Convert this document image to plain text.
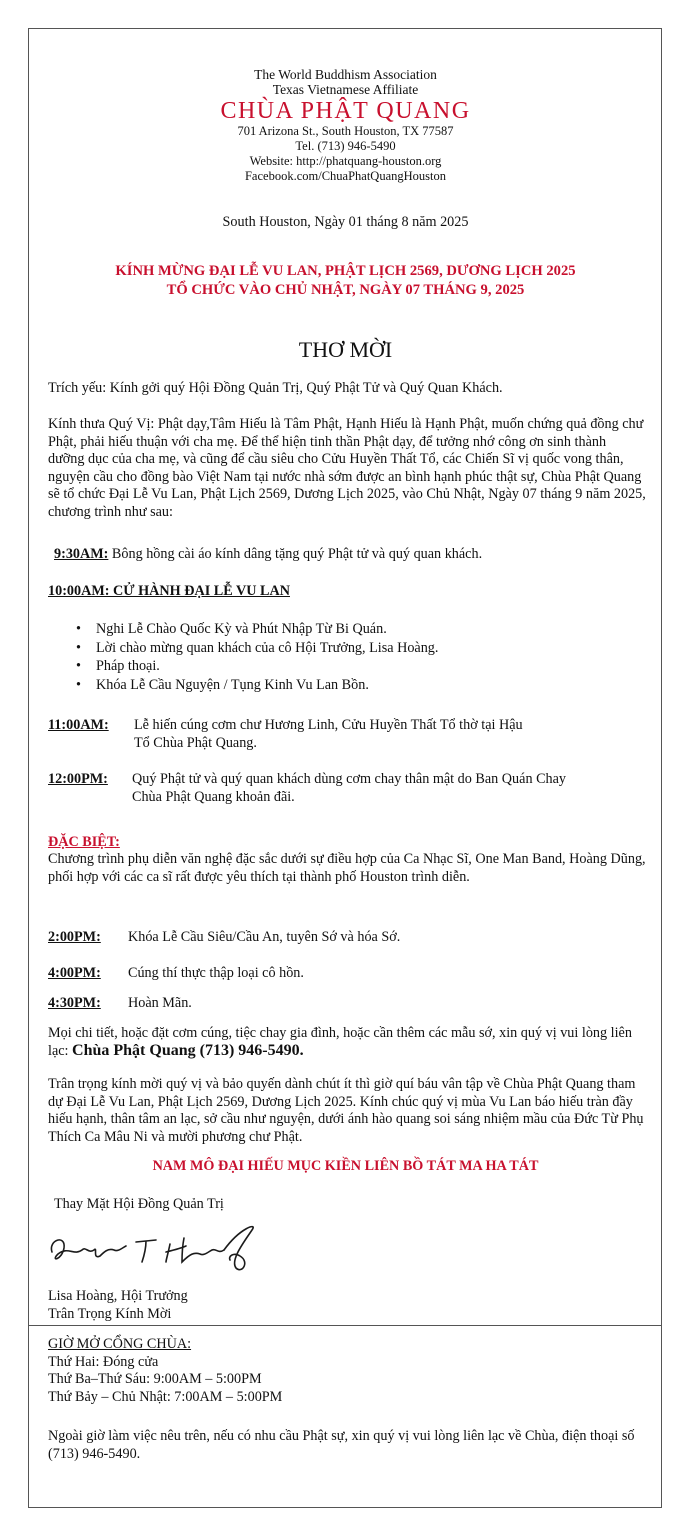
The World Buddhism Association
Texas Vietnamese Affiliate
CHÙA PHẬT QUANG
701 Arizona St., South Houston, TX 77587
Tel. (713) 946-5490
Website: http://phatquang-houston.org
Facebook.com/ChuaPhatQuangHouston
South Houston, Ngày 01 tháng 8 năm 2025
KÍNH MỪNG ĐẠI LỄ VU LAN, PHẬT LỊCH 2569, DƯƠNG LỊCH 2025
TỔ CHỨC VÀO CHỦ NHẬT, NGÀY 07 THÁNG 9, 2025
THƠ MỜI
Trích yếu: Kính gởi quý Hội Đồng Quản Trị, Quý Phật Tử và Quý Quan Khách.
Kính thưa Quý Vị: Phật dạy,Tâm Hiếu là Tâm Phật, Hạnh Hiếu là Hạnh Phật, muốn chứng quả đồng chư Phật, phải hiếu thuận với cha mẹ. Để thể hiện tinh thần Phật dạy, để tưởng nhớ công ơn sinh thành dưỡng dục của cha mẹ, và cũng để cầu siêu cho Cửu Huyền Thất Tổ, các Chiến Sĩ vị quốc vong thân, nguyện cầu cho đồng bào Việt Nam tại nước nhà sớm được an bình hạnh phúc thật sự, Chùa Phật Quang sẽ tổ chức Đại Lễ Vu Lan, Phật Lịch 2569, Dương Lịch 2025, vào Chủ Nhật, Ngày 07 tháng 9 năm 2025, chương trình như sau:
9:30AM: Bông hồng cài áo kính dâng tặng quý Phật tử và quý quan khách.
10:00AM: CỬ HÀNH ĐẠI LỄ VU LAN
• Nghi Lễ Chào Quốc Kỳ và Phút Nhập Từ Bi Quán.
• Lời chào mừng quan khách của cô Hội Trưởng, Lisa Hoàng.
• Pháp thoại.
• Khóa Lễ Cầu Nguyện / Tụng Kinh Vu Lan Bồn.
11:00AM: Lễ hiến cúng cơm chư Hương Linh, Cửu Huyền Thất Tổ thờ tại Hậu
Tổ Chùa Phật Quang.
12:00PM: Quý Phật tử và quý quan khách dùng cơm chay thân mật do Ban Quán Chay
Chùa Phật Quang khoản đãi.
ĐẶC BIỆT:
Chương trình phụ diễn văn nghệ đặc sắc dưới sự điều hợp của Ca Nhạc Sĩ, One Man Band, Hoàng Dũng, phối hợp với các ca sĩ rất được yêu thích tại thành phố Houston trình diễn.
2:00PM: Khóa Lễ Cầu Siêu/Cầu An, tuyên Sớ và hóa Sớ.
4:00PM: Cúng thí thực thập loại cô hồn.
4:30PM: Hoàn Mãn.
Mọi chi tiết, hoặc đặt cơm cúng, tiệc chay gia đình, hoặc cần thêm các mẫu sớ, xin quý vị vui lòng liên lạc: Chùa Phật Quang (713) 946-5490.
Trân trọng kính mời quý vị và bảo quyến dành chút ít thì giờ quí báu vân tập về Chùa Phật Quang tham dự Đại Lễ Vu Lan, Phật Lịch 2569, Dương Lịch 2025. Kính chúc quý vị mùa Vu Lan báo hiếu tràn đầy hiếu hạnh, thân tâm an lạc, sở cầu như nguyện, dưới ánh hào quang soi sáng nhiệm mầu của Đức Từ Phụ Thích Ca Mâu Ni và mười phương chư Phật.
NAM MÔ ĐẠI HIẾU MỤC KIỀN LIÊN BỒ TÁT MA HA TÁT
Thay Mặt Hội Đồng Quản Trị
Lisa Hoàng, Hội Trưởng
Trân Trọng Kính Mời
GIỜ MỞ CỔNG CHÙA:
Thứ Hai: Đóng cửa
Thứ Ba–Thứ Sáu: 9:00AM – 5:00PM
Thứ Bảy – Chủ Nhật: 7:00AM – 5:00PM
Ngoài giờ làm việc nêu trên, nếu có nhu cầu Phật sự, xin quý vị vui lòng liên lạc về Chùa, điện thoại số (713) 946-5490.
